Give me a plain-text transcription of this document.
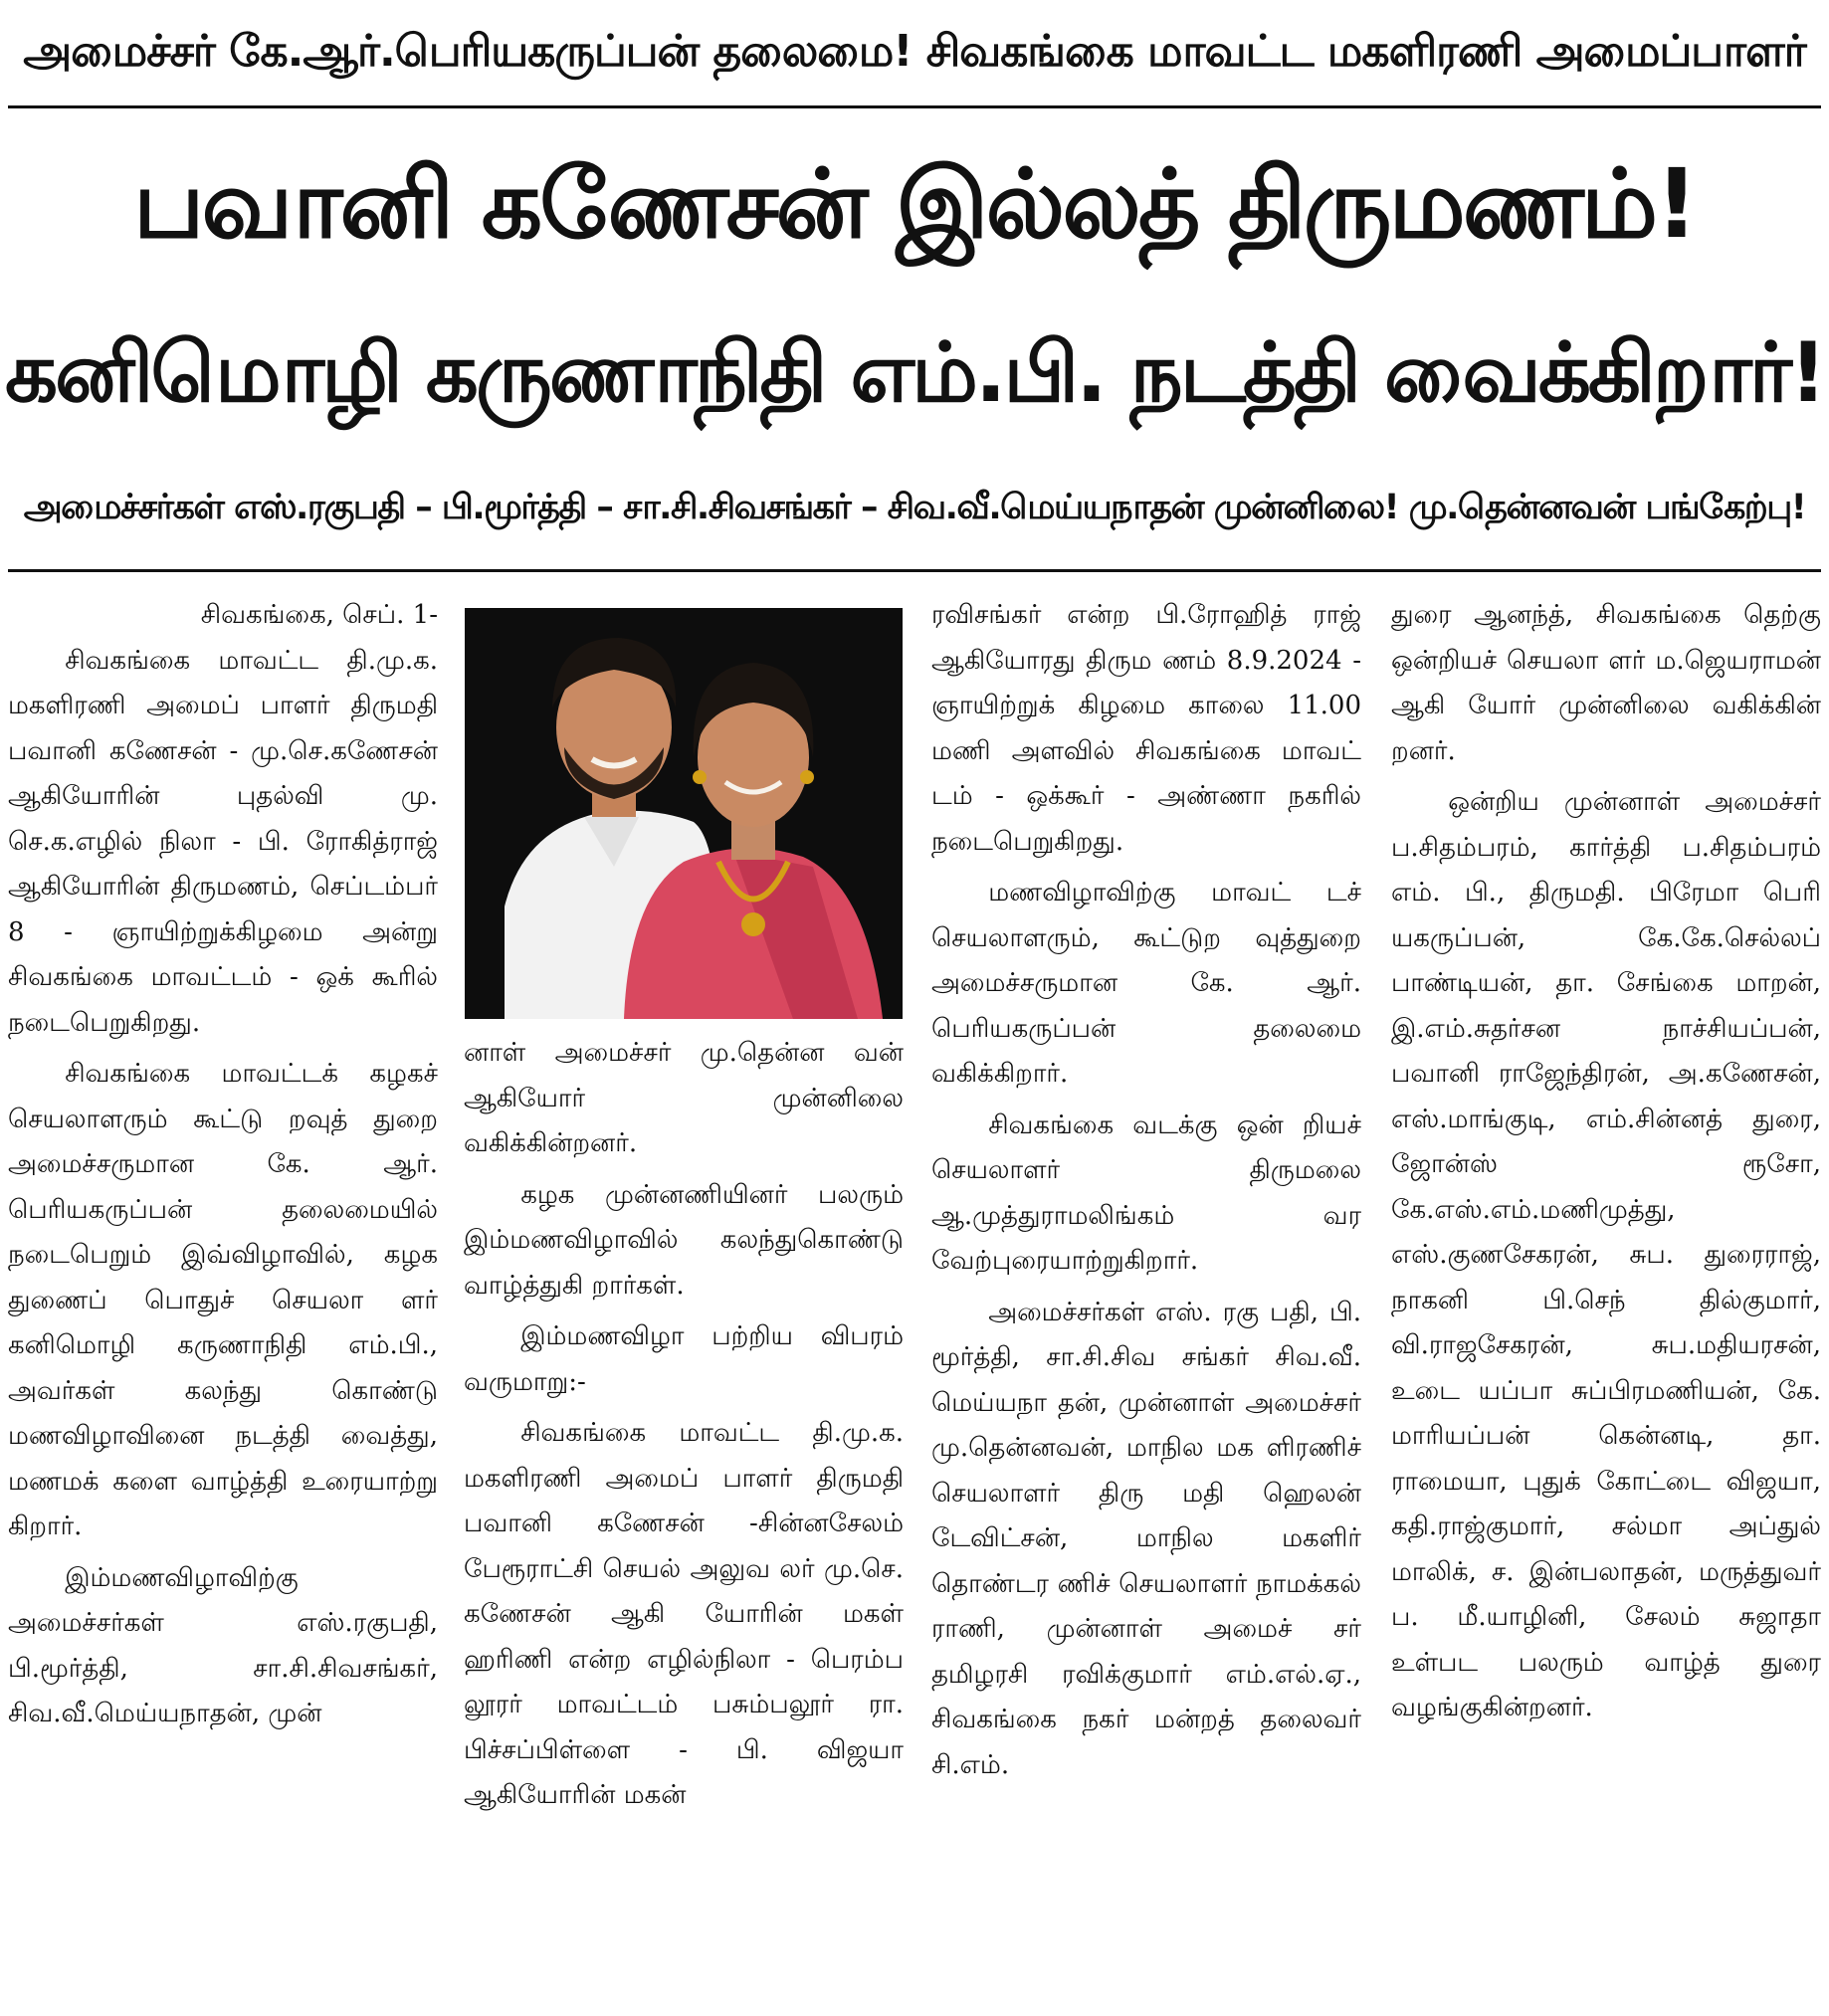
அமைச்சர் கே.ஆர்.பெரியகருப்பன் தலைமை! சிவகங்கை மாவட்ட மகளிரணி அமைப்பாளர்
பவானி கணேசன் இல்லத் திருமணம்!
கனிமொழி கருணாநிதி எம்.பி. நடத்தி வைக்கிறார்!
அமைச்சர்கள் எஸ்.ரகுபதி – பி.மூர்த்தி – சா.சி.சிவசங்கர் – சிவ.வீ.மெய்யநாதன் முன்னிலை! மு.தென்னவன் பங்கேற்பு!

சிவகங்கை, செப். 1-

சிவகங்கை மாவட்ட தி.மு.க. மகளிரணி அமைப் பாளர் திருமதி பவானி கணேசன் - மு.செ.கணேசன் ஆகியோரின் புதல்வி மு. செ.க.எழில் நிலா - பி. ரோகித்ராஜ் ஆகியோரின் திருமணம், செப்டம்பர் 8 - ஞாயிற்றுக்கிழமை அன்று சிவகங்கை மாவட்டம் - ஒக் கூரில் நடைபெறுகிறது.

சிவகங்கை மாவட்டக் கழகச் செயலாளரும் கூட்டு றவுத் துறை அமைச்சருமான கே. ஆர். பெரியகருப்பன் தலைமையில் நடைபெறும் இவ்விழாவில், கழக துணைப் பொதுச் செயலா ளர் கனிமொழி கருணாநிதி எம்.பி., அவர்கள் கலந்து கொண்டு மணவிழாவினை நடத்தி வைத்து, மணமக் களை வாழ்த்தி உரையாற்று கிறார்.

இம்மணவிழாவிற்கு அமைச்சர்கள் எஸ்.ரகுபதி, பி.மூர்த்தி, சா.சி.சிவசங்கர், சிவ.வீ.மெய்யநாதன், முன்

னாள் அமைச்சர் மு.தென்ன வன் ஆகியோர் முன்னிலை வகிக்கின்றனர்.

கழக முன்னணியினர் பலரும் இம்மணவிழாவில் கலந்துகொண்டு வாழ்த்துகி றார்கள்.

இம்மணவிழா பற்றிய விபரம் வருமாறு:-

சிவகங்கை மாவட்ட தி.மு.க. மகளிரணி அமைப் பாளர் திருமதி பவானி கணேசன் -சின்னசேலம் பேரூராட்சி செயல் அலுவ லர் மு.செ. கணேசன் ஆகி யோரின் மகள் ஹரிணி என்ற எழில்நிலா - பெரம்ப லூரர் மாவட்டம் பசும்பலூர் ரா. பிச்சப்பிள்ளை - பி. விஜயா ஆகியோரின் மகன்

ரவிசங்கர் என்ற பி.ரோஹித் ராஜ் ஆகியோரது திரும ணம் 8.9.2024 - ஞாயிற்றுக் கிழமை காலை 11.00 மணி அளவில் சிவகங்கை மாவட் டம் - ஒக்கூர் - அண்ணா நகரில் நடைபெறுகிறது.

மணவிழாவிற்கு மாவட் டச் செயலாளரும், கூட்டுற வுத்துறை அமைச்சருமான கே. ஆர். பெரியகருப்பன் தலைமை வகிக்கிறார்.

சிவகங்கை வடக்கு ஒன் றியச் செயலாளர் திருமலை ஆ.முத்துராமலிங்கம் வர வேற்புரையாற்றுகிறார்.

அமைச்சர்கள் எஸ். ரகு பதி, பி. மூர்த்தி, சா.சி.சிவ சங்கர் சிவ.வீ. மெய்யநா தன், முன்னாள் அமைச்சர் மு.தென்னவன், மாநில மக ளிரணிச் செயலாளர் திரு மதி ஹெலன் டேவிட்சன், மாநில மகளிர் தொண்டர ணிச் செயலாளர் நாமக்கல் ராணி, முன்னாள் அமைச் சர் தமிழரசி ரவிக்குமார் எம்.எல்.ஏ., சிவகங்கை நகர் மன்றத் தலைவர் சி.எம்.

துரை ஆனந்த், சிவகங்கை தெற்கு ஒன்றியச் செயலா ளர் ம.ஜெயராமன் ஆகி யோர் முன்னிலை வகிக்கின் றனர்.

ஒன்றிய முன்னாள் அமைச்சர் ப.சிதம்பரம், கார்த்தி ப.சிதம்பரம் எம். பி., திருமதி. பிரேமா பெரி யகருப்பன், கே.கே.செல்லப் பாண்டியன், தா. சேங்கை மாறன், இ.எம்.சுதர்சன நாச்சியப்பன், பவானி ராஜேந்திரன், அ.கணேசன், எஸ்.மாங்குடி, எம்.சின்னத் துரை, ஜோன்ஸ் ரூசோ, கே.எஸ்.எம்.மணிமுத்து, எஸ்.குணசேகரன், சுப. துரைராஜ், நாகனி பி.செந் தில்குமார், வி.ராஜசேகரன், சுப.மதியரசன், உடை யப்பா சுப்பிரமணியன், கே. மாரியப்பன் கென்னடி, தா. ராமையா, புதுக் கோட்டை விஜயா, கதி.ராஜ்குமார், சல்மா அப்துல் மாலிக், ச. இன்பலாதன், மருத்துவர் ப. மீ.யாழினி, சேலம் சுஜாதா உள்பட பலரும் வாழ்த் துரை வழங்குகின்றனர்.
